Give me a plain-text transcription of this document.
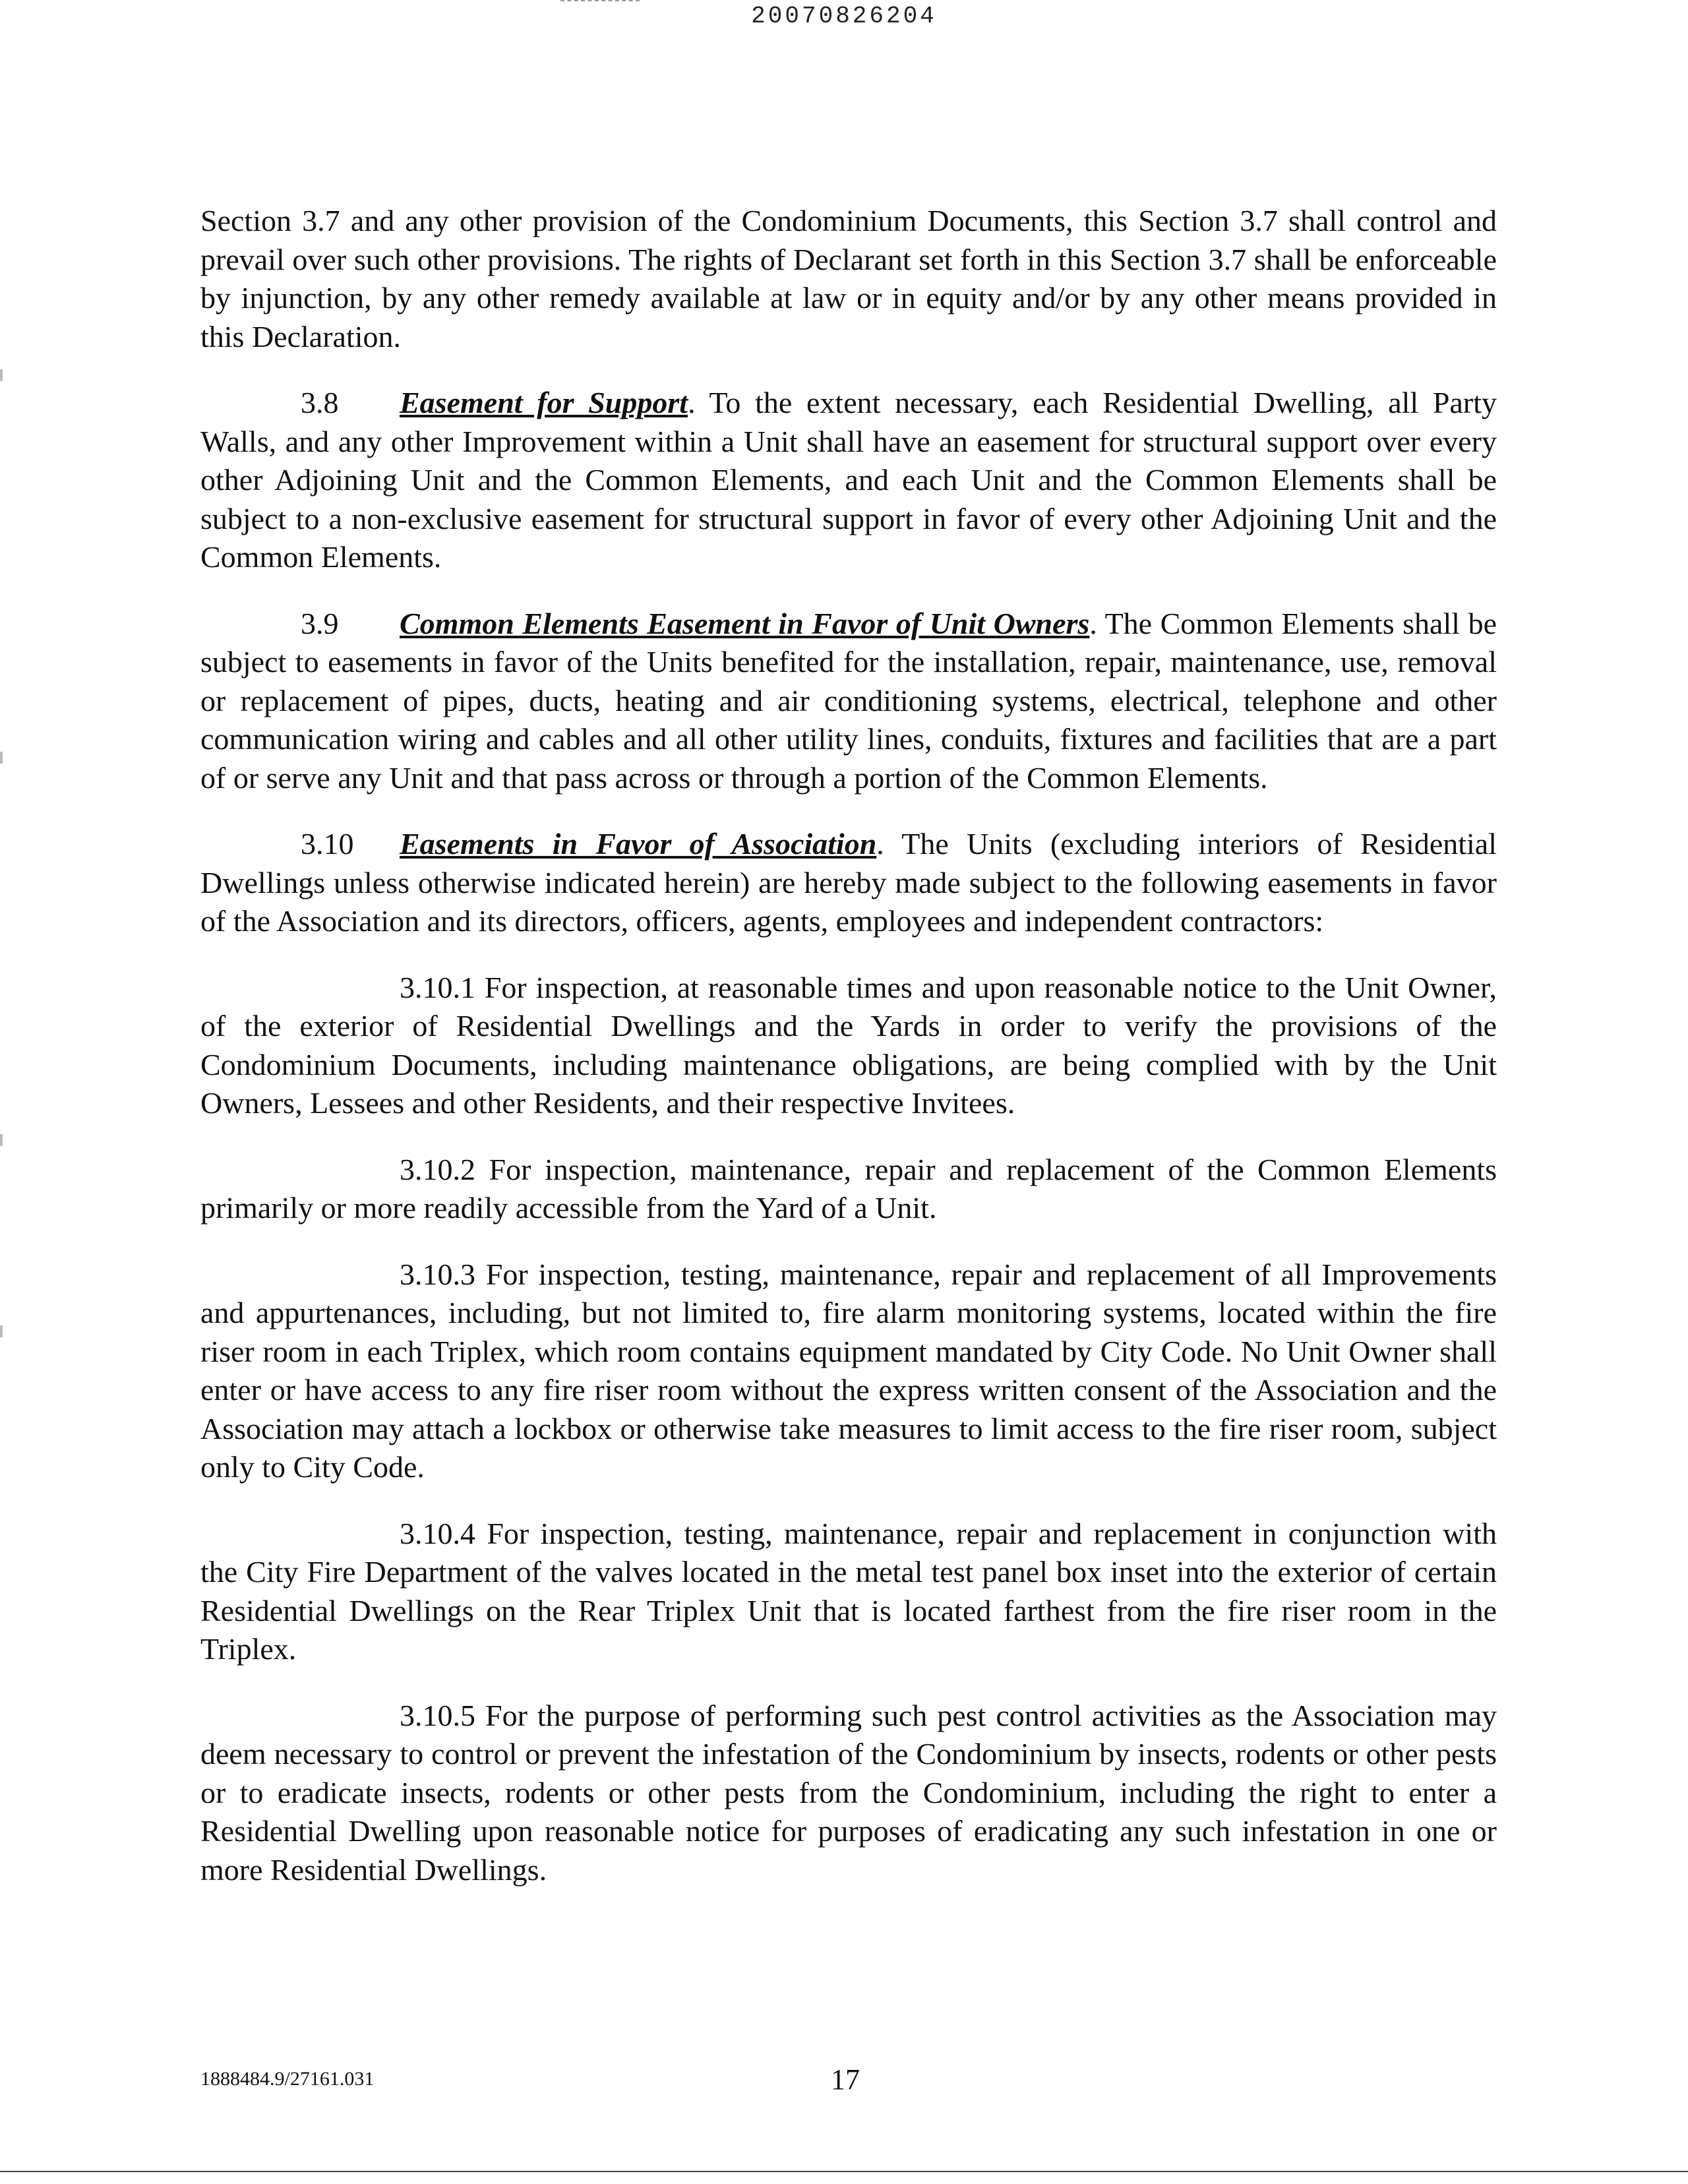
20070826204

Section 3.7 and any other provision of the Condominium Documents, this Section 3.7 shall control and prevail over such other provisions. The rights of Declarant set forth in this Section 3.7 shall be enforceable by injunction, by any other remedy available at law or in equity and/or by any other means provided in this Declaration.

3.8 Easement for Support. To the extent necessary, each Residential Dwelling, all Party Walls, and any other Improvement within a Unit shall have an easement for structural support over every other Adjoining Unit and the Common Elements, and each Unit and the Common Elements shall be subject to a non-exclusive easement for structural support in favor of every other Adjoining Unit and the Common Elements.

3.9 Common Elements Easement in Favor of Unit Owners. The Common Elements shall be subject to easements in favor of the Units benefited for the installation, repair, maintenance, use, removal or replacement of pipes, ducts, heating and air conditioning systems, electrical, telephone and other communication wiring and cables and all other utility lines, conduits, fixtures and facilities that are a part of or serve any Unit and that pass across or through a portion of the Common Elements.

3.10 Easements in Favor of Association. The Units (excluding interiors of Residential Dwellings unless otherwise indicated herein) are hereby made subject to the following easements in favor of the Association and its directors, officers, agents, employees and independent contractors:

3.10.1 For inspection, at reasonable times and upon reasonable notice to the Unit Owner, of the exterior of Residential Dwellings and the Yards in order to verify the provisions of the Condominium Documents, including maintenance obligations, are being complied with by the Unit Owners, Lessees and other Residents, and their respective Invitees.

3.10.2 For inspection, maintenance, repair and replacement of the Common Elements primarily or more readily accessible from the Yard of a Unit.

3.10.3 For inspection, testing, maintenance, repair and replacement of all Improvements and appurtenances, including, but not limited to, fire alarm monitoring systems, located within the fire riser room in each Triplex, which room contains equipment mandated by City Code. No Unit Owner shall enter or have access to any fire riser room without the express written consent of the Association and the Association may attach a lockbox or otherwise take measures to limit access to the fire riser room, subject only to City Code.

3.10.4 For inspection, testing, maintenance, repair and replacement in conjunction with the City Fire Department of the valves located in the metal test panel box inset into the exterior of certain Residential Dwellings on the Rear Triplex Unit that is located farthest from the fire riser room in the Triplex.

3.10.5 For the purpose of performing such pest control activities as the Association may deem necessary to control or prevent the infestation of the Condominium by insects, rodents or other pests or to eradicate insects, rodents or other pests from the Condominium, including the right to enter a Residential Dwelling upon reasonable notice for purposes of eradicating any such infestation in one or more Residential Dwellings.

1888484.9/27161.031	17
